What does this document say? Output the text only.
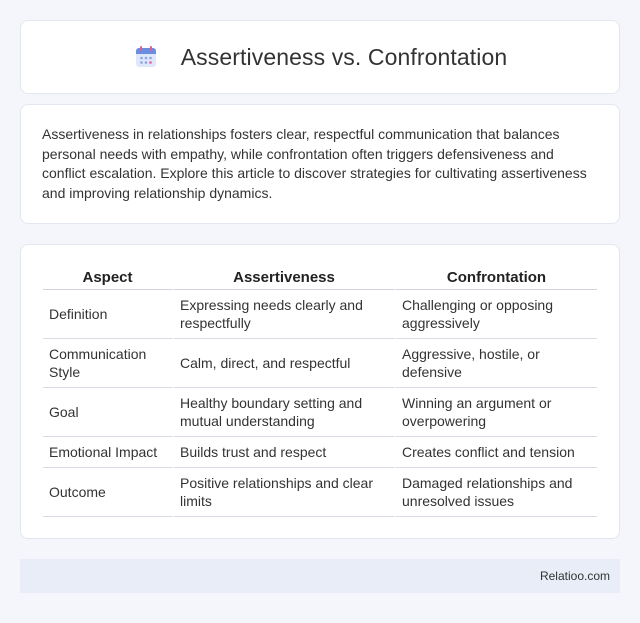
Assertiveness vs. Confrontation

Assertiveness in relationships fosters clear, respectful communication that balances personal needs with empathy, while confrontation often triggers defensiveness and conflict escalation. Explore this article to discover strategies for cultivating assertiveness and improving relationship dynamics.

Aspect	Assertiveness	Confrontation
Definition	Expressing needs clearly and respectfully	Challenging or opposing aggressively
Communication Style	Calm, direct, and respectful	Aggressive, hostile, or defensive
Goal	Healthy boundary setting and mutual understanding	Winning an argument or overpowering
Emotional Impact	Builds trust and respect	Creates conflict and tension
Outcome	Positive relationships and clear limits	Damaged relationships and unresolved issues
Relatioo.com
